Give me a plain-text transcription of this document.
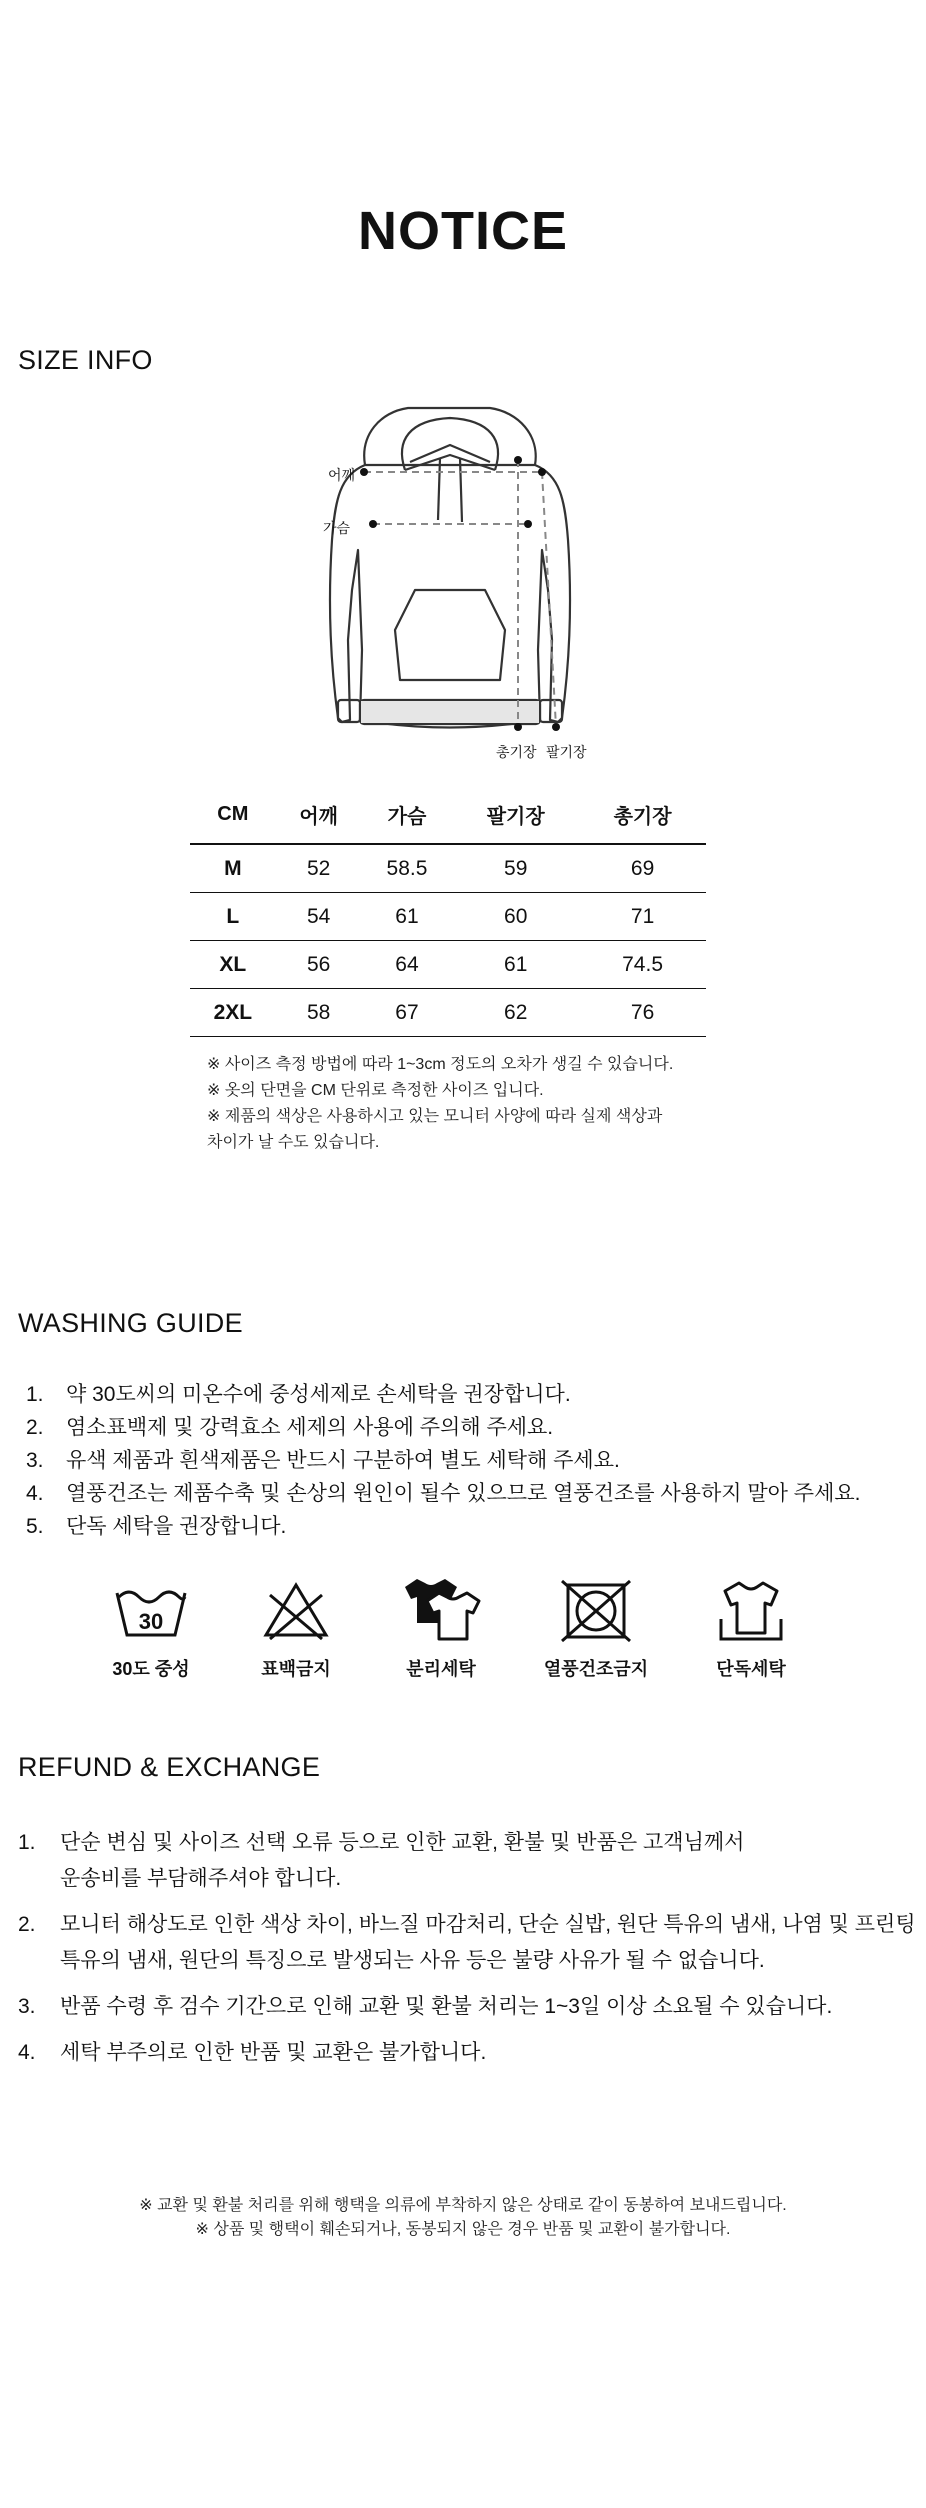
NOTICE
SIZE INFO
어깨
가슴
총기장 팔기장
CM	어깨	가슴	팔기장	총기장
M	52	58.5	59	69
L	54	61	60	71
XL	56	64	61	74.5
2XL	58	67	62	76
※ 사이즈 측정 방법에 따라 1~3cm 정도의 오차가 생길 수 있습니다.
※ 옷의 단면을 CM 단위로 측정한 사이즈 입니다.
※ 제품의 색상은 사용하시고 있는 모니터 사양에 따라 실제 색상과
차이가 날 수도 있습니다.
WASHING GUIDE
1.	약 30도씨의 미온수에 중성세제로 손세탁을 권장합니다.
2.	염소표백제 및 강력효소 세제의 사용에 주의해 주세요.
3.	유색 제품과 흰색제품은 반드시 구분하여 별도 세탁해 주세요.
4.	열풍건조는 제품수축 및 손상의 원인이 될수 있으므로 열풍건조를 사용하지 말아 주세요.
5.	단독 세탁을 권장합니다.
30
30도 중성	표백금지	분리세탁	열풍건조금지	단독세탁
REFUND & EXCHANGE
1.	단순 변심 및 사이즈 선택 오류 등으로 인한 교환, 환불 및 반품은 고객님께서
운송비를 부담해주셔야 합니다.
2.	모니터 해상도로 인한 색상 차이, 바느질 마감처리, 단순 실밥, 원단 특유의 냄새, 나염 및 프린팅
특유의 냄새, 원단의 특징으로 발생되는 사유 등은 불량 사유가 될 수 없습니다.
3.	반품 수령 후 검수 기간으로 인해 교환 및 환불 처리는 1~3일 이상 소요될 수 있습니다.
4.	세탁 부주의로 인한 반품 및 교환은 불가합니다.
※ 교환 및 환불 처리를 위해 행택을 의류에 부착하지 않은 상태로 같이 동봉하여 보내드립니다.
※ 상품 및 행택이 훼손되거나, 동봉되지 않은 경우 반품 및 교환이 불가합니다.
